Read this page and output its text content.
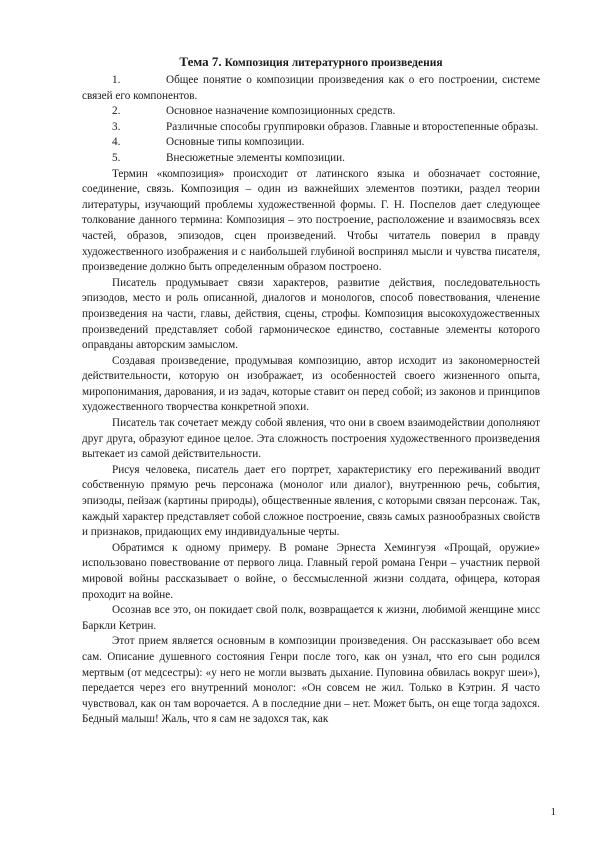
Тема 7. Композиция литературного произведения
1.	Общее понятие о композиции произведения как о его построении, системе связей его компонентов.
2.	Основное назначение композиционных средств.
3.	Различные способы группировки образов. Главные и второстепенные образы.
4.	Основные типы композиции.
5.	Внесюжетные элементы композиции.

Термин «композиция» происходит от латинского языка и обозначает состояние, соединение, связь. Композиция – один из важнейших элементов поэтики, раздел теории литературы, изучающий проблемы художественной формы. Г. Н. Поспелов дает следующее толкование данного термина: Композиция – это построение, расположение и взаимосвязь всех частей, образов, эпизодов, сцен произведений. Чтобы читатель поверил в правду художественного изображения и с наибольшей глубиной воспринял мысли и чувства писателя, произведение должно быть определенным образом построено.

Писатель продумывает связи характеров, развитие действия, последовательность эпизодов, место и роль описанной, диалогов и монологов, способ повествования, членение произведения на части, главы, действия, сцены, строфы. Композиция высокохудожественных произведений представляет собой гармоническое единство, составные элементы которого оправданы авторским замыслом.

Создавая произведение, продумывая композицию, автор исходит из закономерностей действительности, которую он изображает, из особенностей своего жизненного опыта, миропонимания, дарования, и из задач, которые ставит он перед собой; из законов и принципов художественного творчества конкретной эпохи.

Писатель так сочетает между собой явления, что они в своем взаимодействии дополняют друг друга, образуют единое целое. Эта сложность построения художественного произведения вытекает из самой действительности.

Рисуя человека, писатель дает его портрет, характеристику его переживаний вводит собственную прямую речь персонажа (монолог или диалог), внутреннюю речь, события, эпизоды, пейзаж (картины природы), общественные явления, с которыми связан персонаж. Так, каждый характер представляет собой сложное построение, связь самых разнообразных свойств и признаков, придающих ему индивидуальные черты.

Обратимся к одному примеру. В романе Эрнеста Хемингуэя «Прощай, оружие» использовано повествование от первого лица. Главный герой романа Генри – участник первой мировой войны рассказывает о войне, о бессмысленной жизни солдата, офицера, которая проходит на войне.

Осознав все это, он покидает свой полк, возвращается к жизни, любимой женщине мисс Баркли Кетрин.

Этот прием является основным в композиции произведения. Он рассказывает обо всем сам. Описание душевного состояния Генри после того, как он узнал, что его сын родился мертвым (от медсестры): «у него не могли вызвать дыхание. Пуповина обвилась вокруг шеи»), передается через его внутренний монолог: «Он совсем не жил. Только в Кэтрин. Я часто чувствовал, как он там ворочается. А в последние дни – нет. Может быть, он еще тогда задохся. Бедный малыш! Жаль, что я сам не задохся так, как

1
